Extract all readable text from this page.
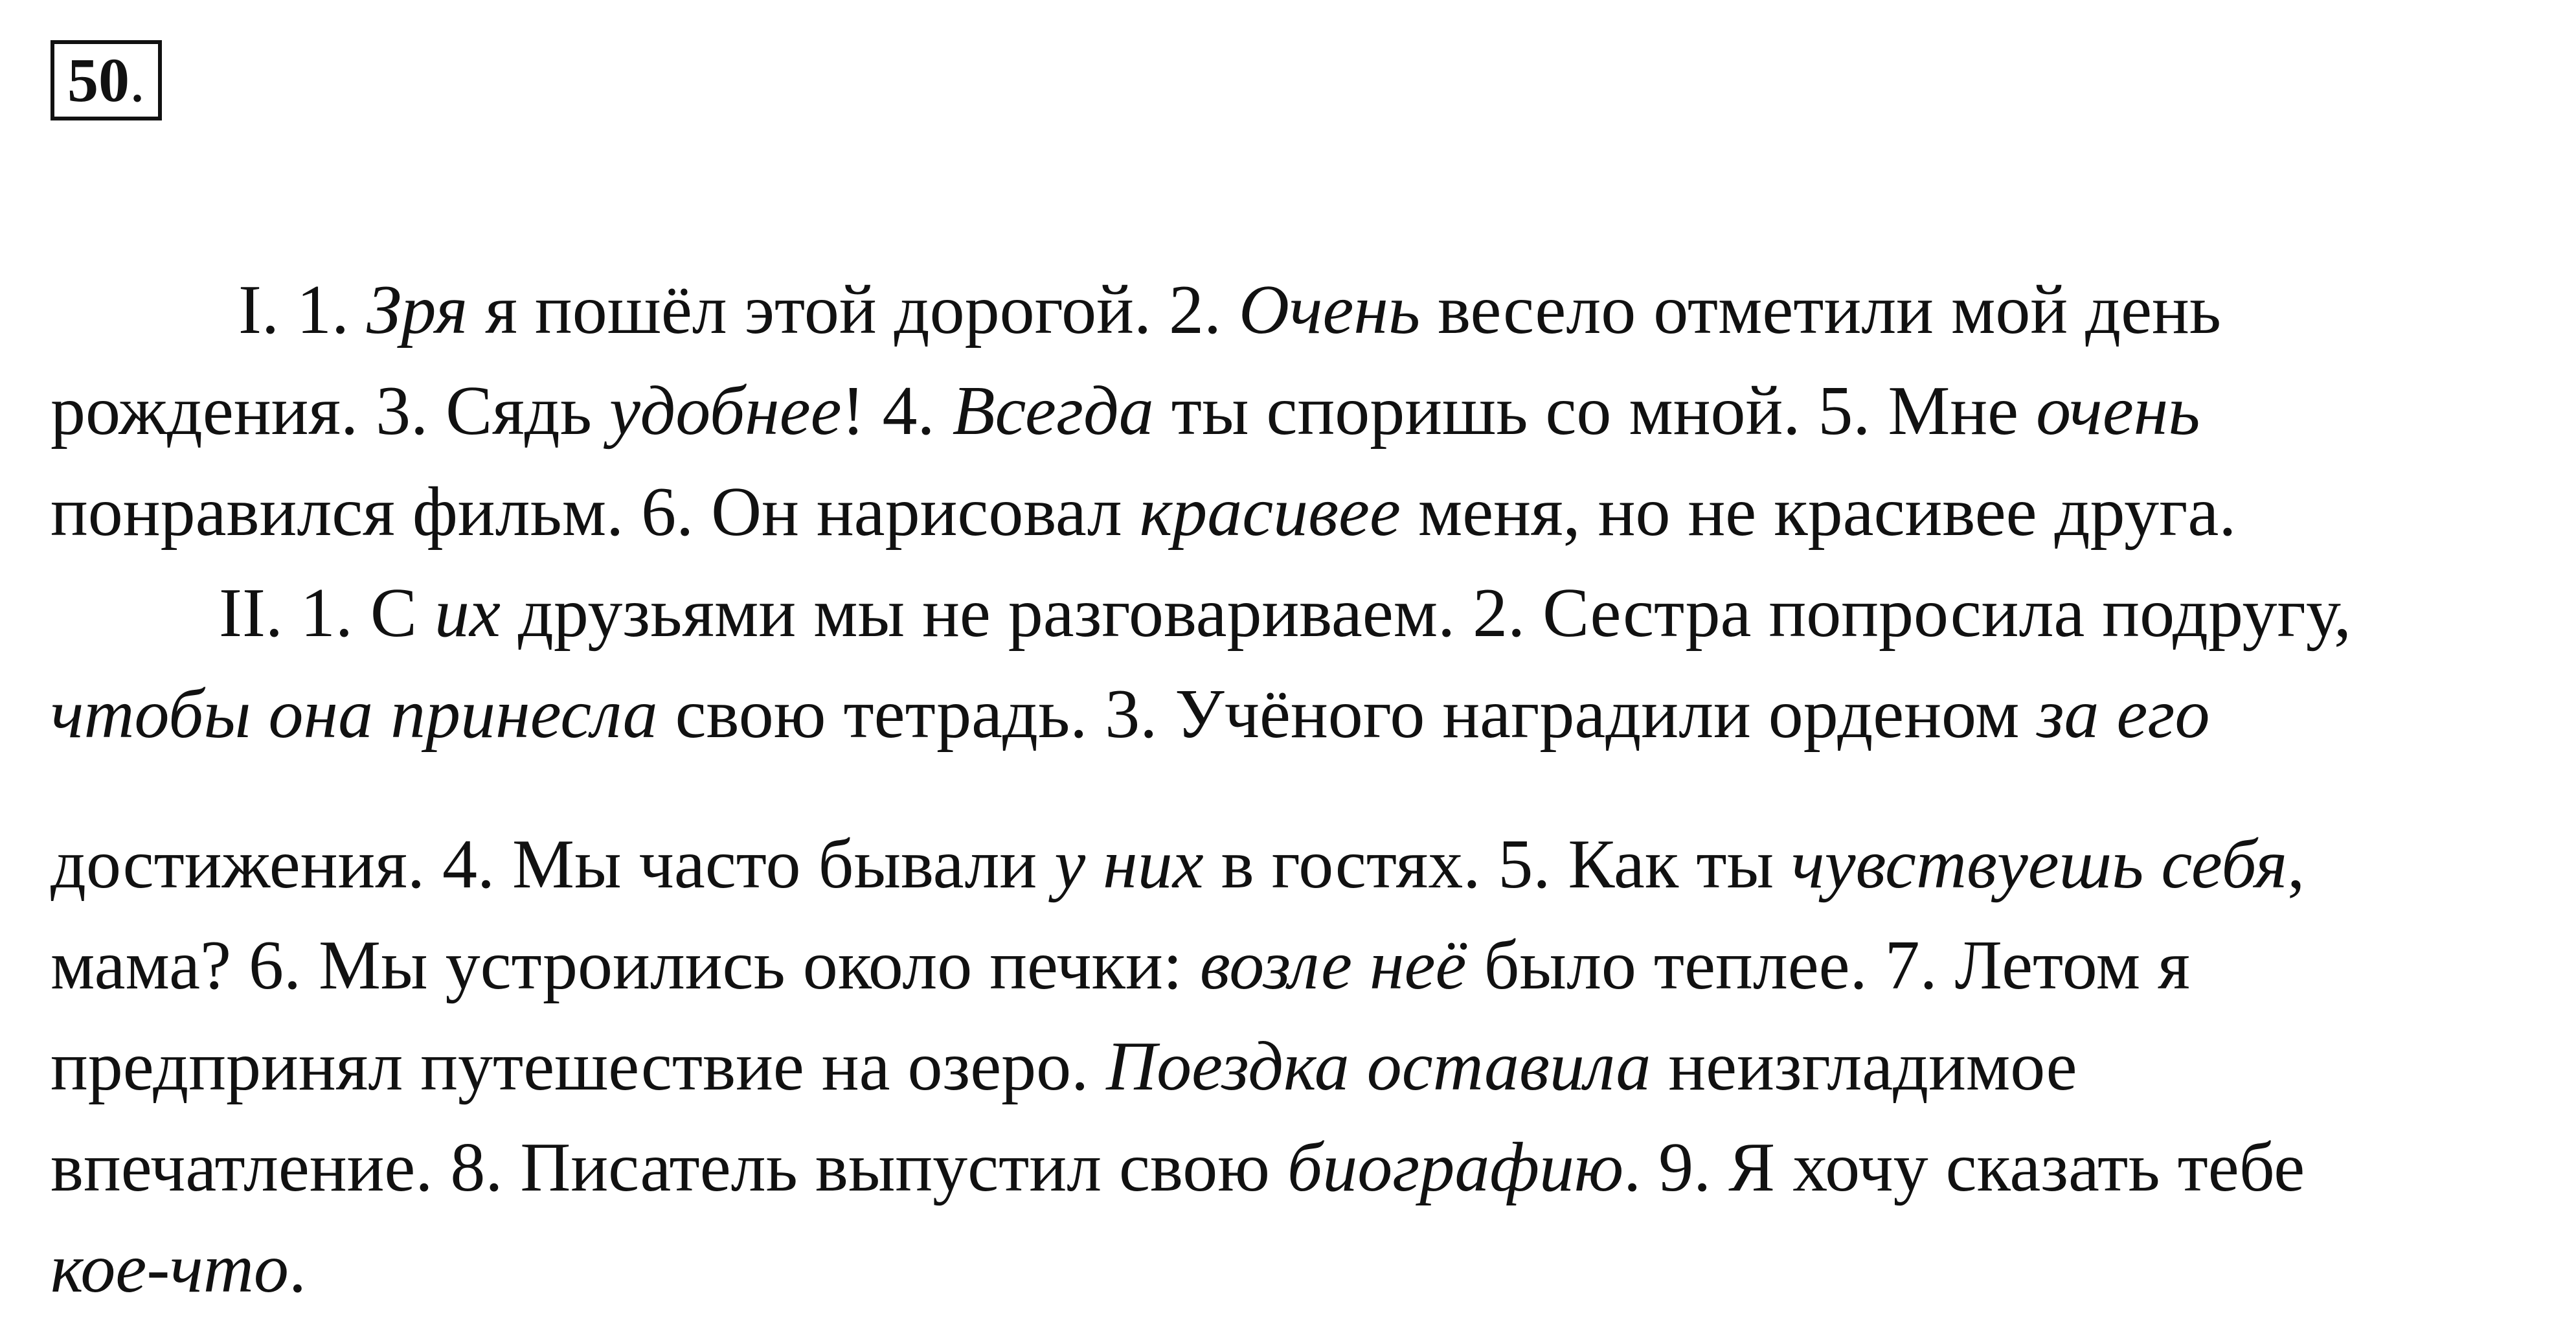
50 .
I. 1. Зря я пошёл этой дорогой. 2. Очень весело отметили мой день
рождения. 3. Сядь удобнее! 4. Всегда ты споришь со мной. 5. Мне очень
понравился фильм. 6. Он нарисовал красивее меня, но не красивее друга.
II. 1. С их друзьями мы не разговариваем. 2. Сестра попросила подругу,
чтобы она принесла свою тетрадь. 3. Учёного наградили орденом за его
достижения. 4. Мы часто бывали у них в гостях. 5. Как ты чувствуешь себя,
мама? 6. Мы устроились около печки: возле неё было теплее. 7. Летом я
предпринял путешествие на озеро. Поездка оставила неизгладимое
впечатление. 8. Писатель выпустил свою биографию. 9. Я хочу сказать тебе
кое-что.
